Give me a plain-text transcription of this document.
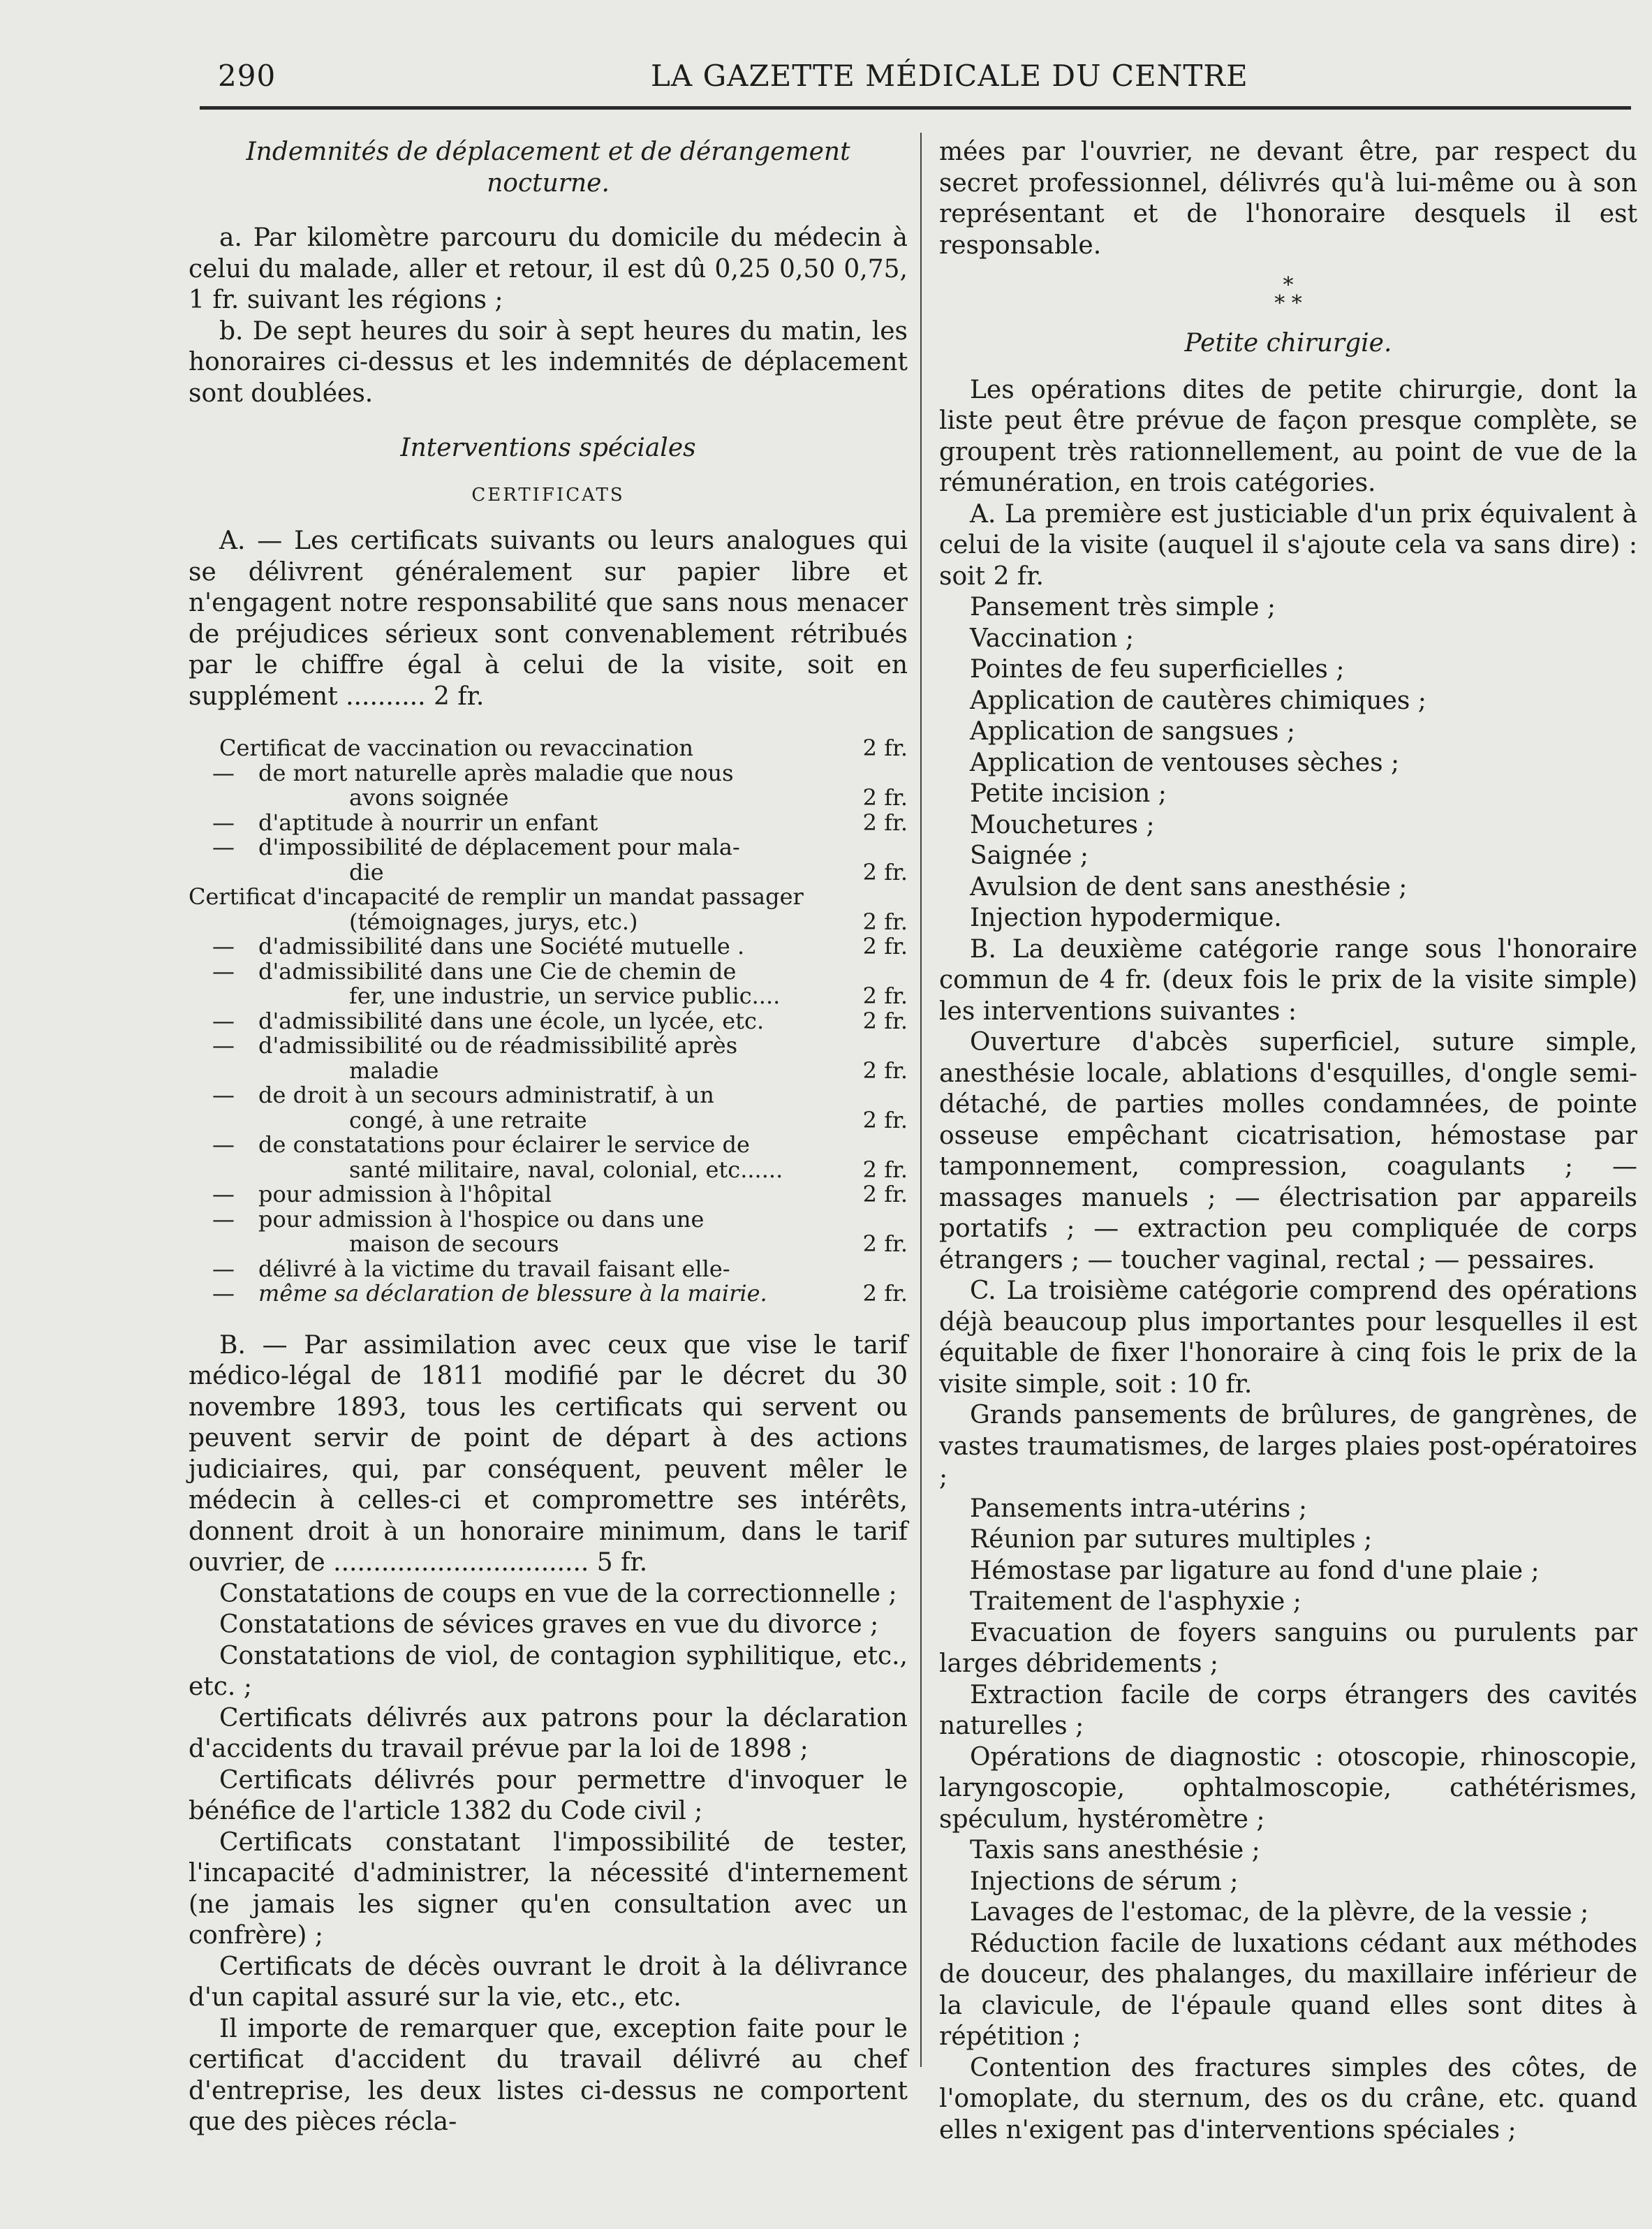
290	LA GAZETTE MÉDICALE DU CENTRE

Indemnités de déplacement et de dérangement nocturne.

a. Par kilomètre parcouru du domicile du médecin à celui du malade, aller et retour, il est dû 0,25 0,50 0,75, 1 fr. suivant les régions ;

b. De sept heures du soir à sept heures du matin, les honoraires ci-dessus et les indemnités de déplacement sont doublées.

Interventions spéciales

CERTIFICATS

A. — Les certificats suivants ou leurs analogues qui se délivrent généralement sur papier libre et n'engagent notre responsabilité que sans nous menacer de préjudices sérieux sont convenablement rétribués par le chiffre égal à celui de la visite, soit en supplément .......... 2 fr.

Certificat de vaccination ou revaccination	2 fr.
—	de mort naturelle après maladie que nous
avons soignée	2 fr.
—	d'aptitude à nourrir un enfant	2 fr.
—	d'impossibilité de déplacement pour mala-
die	2 fr.
Certificat d'incapacité de remplir un mandat passager
(témoignages, jurys, etc.)	2 fr.
—	d'admissibilité dans une Société mutuelle .	2 fr.
—	d'admissibilité dans une Cie de chemin de
fer, une industrie, un service public....	2 fr.
—	d'admissibilité dans une école, un lycée, etc.	2 fr.
—	d'admissibilité ou de réadmissibilité après
maladie	2 fr.
—	de droit à un secours administratif, à un
congé, à une retraite	2 fr.
—	de constatations pour éclairer le service de
santé militaire, naval, colonial, etc......	2 fr.
—	pour admission à l'hôpital	2 fr.
—	pour admission à l'hospice ou dans une
maison de secours	2 fr.
—	délivré à la victime du travail faisant elle-
—	même sa déclaration de blessure à la mairie.	2 fr.

B. — Par assimilation avec ceux que vise le tarif médico-légal de 1811 modifié par le décret du 30 novembre 1893, tous les certificats qui servent ou peuvent servir de point de départ à des actions judiciaires, qui, par conséquent, peuvent mêler le médecin à celles-ci et compromettre ses intérêts, donnent droit à un honoraire minimum, dans le tarif ouvrier, de ................................ 5 fr.

Constatations de coups en vue de la correctionnelle ;

Constatations de sévices graves en vue du divorce ;

Constatations de viol, de contagion syphilitique, etc., etc. ;

Certificats délivrés aux patrons pour la déclaration d'accidents du travail prévue par la loi de 1898 ;

Certificats délivrés pour permettre d'invoquer le bénéfice de l'article 1382 du Code civil ;

Certificats constatant l'impossibilité de tester, l'incapacité d'administrer, la nécessité d'internement (ne jamais les signer qu'en consultation avec un confrère) ;

Certificats de décès ouvrant le droit à la délivrance d'un capital assuré sur la vie, etc., etc.

Il importe de remarquer que, exception faite pour le certificat d'accident du travail délivré au chef d'entreprise, les deux listes ci-dessus ne comportent que des pièces récla-

mées par l'ouvrier, ne devant être, par respect du secret professionnel, délivrés qu'à lui-même ou à son représentant et de l'honoraire desquels il est responsable.

*
* *

Petite chirurgie.

Les opérations dites de petite chirurgie, dont la liste peut être prévue de façon presque complète, se groupent très rationnellement, au point de vue de la rémunération, en trois catégories.

A. La première est justiciable d'un prix équivalent à celui de la visite (auquel il s'ajoute cela va sans dire) : soit 2 fr.

Pansement très simple ;

Vaccination ;

Pointes de feu superficielles ;

Application de cautères chimiques ;

Application de sangsues ;

Application de ventouses sèches ;

Petite incision ;

Mouchetures ;

Saignée ;

Avulsion de dent sans anesthésie ;

Injection hypodermique.

B. La deuxième catégorie range sous l'honoraire commun de 4 fr. (deux fois le prix de la visite simple) les interventions suivantes :

Ouverture d'abcès superficiel, suture simple, anesthésie locale, ablations d'esquilles, d'ongle semi-détaché, de parties molles condamnées, de pointe osseuse empêchant cicatrisation, hémostase par tamponnement, compression, coagulants ; — massages manuels ; — électrisation par appareils portatifs ; — extraction peu compliquée de corps étrangers ; — toucher vaginal, rectal ; — pessaires.

C. La troisième catégorie comprend des opérations déjà beaucoup plus importantes pour lesquelles il est équitable de fixer l'honoraire à cinq fois le prix de la visite simple, soit : 10 fr.

Grands pansements de brûlures, de gangrènes, de vastes traumatismes, de larges plaies post-opératoires ;

Pansements intra-utérins ;

Réunion par sutures multiples ;

Hémostase par ligature au fond d'une plaie ;

Traitement de l'asphyxie ;

Evacuation de foyers sanguins ou purulents par larges débridements ;

Extraction facile de corps étrangers des cavités naturelles ;

Opérations de diagnostic : otoscopie, rhinoscopie, laryngoscopie, ophtalmoscopie, cathétérismes, spéculum, hystéromètre ;

Taxis sans anesthésie ;

Injections de sérum ;

Lavages de l'estomac, de la plèvre, de la vessie ;

Réduction facile de luxations cédant aux méthodes de douceur, des phalanges, du maxillaire inférieur de la clavicule, de l'épaule quand elles sont dites à répétition ;

Contention des fractures simples des côtes, de l'omoplate, du sternum, des os du crâne, etc. quand elles n'exigent pas d'interventions spéciales ;
